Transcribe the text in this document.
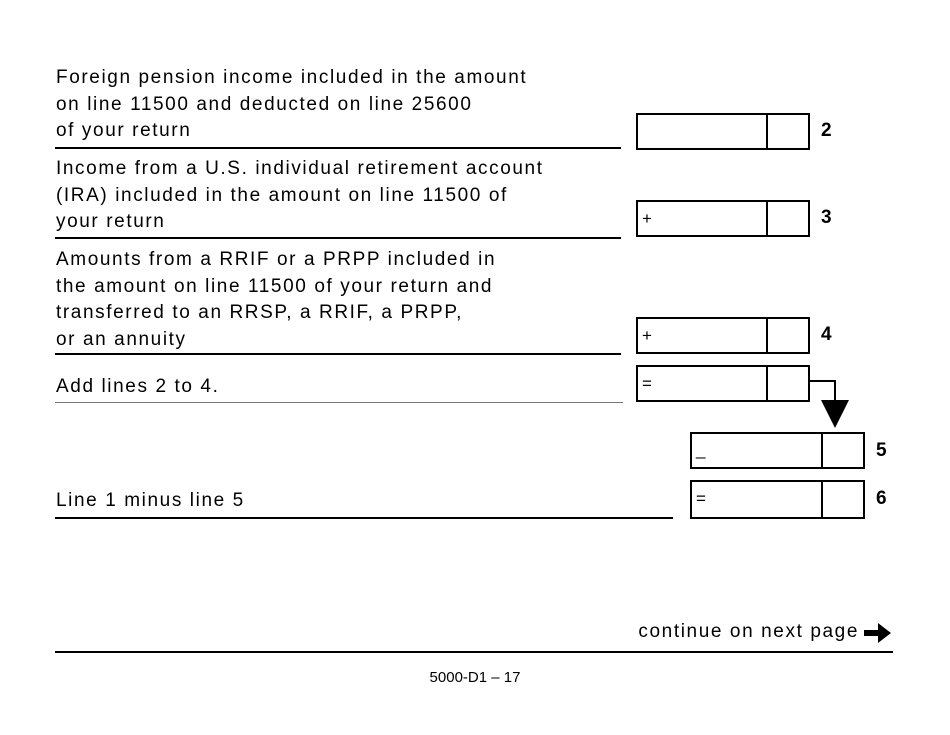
Foreign pension income included in the amount
on line 11500 and deducted on line 25600
of your return	2
Income from a U.S. individual retirement account
(IRA) included in the amount on line 11500 of
your return	+	3
Amounts from a RRIF or a PRPP included in
the amount on line 11500 of your return and
transferred to an RRSP, a RRIF, a PRPP,
or an annuity	+	4
Add lines 2 to 4.	=
_	5
Line 1 minus line 5	=	6
continue on next page
5000-D1 – 17
